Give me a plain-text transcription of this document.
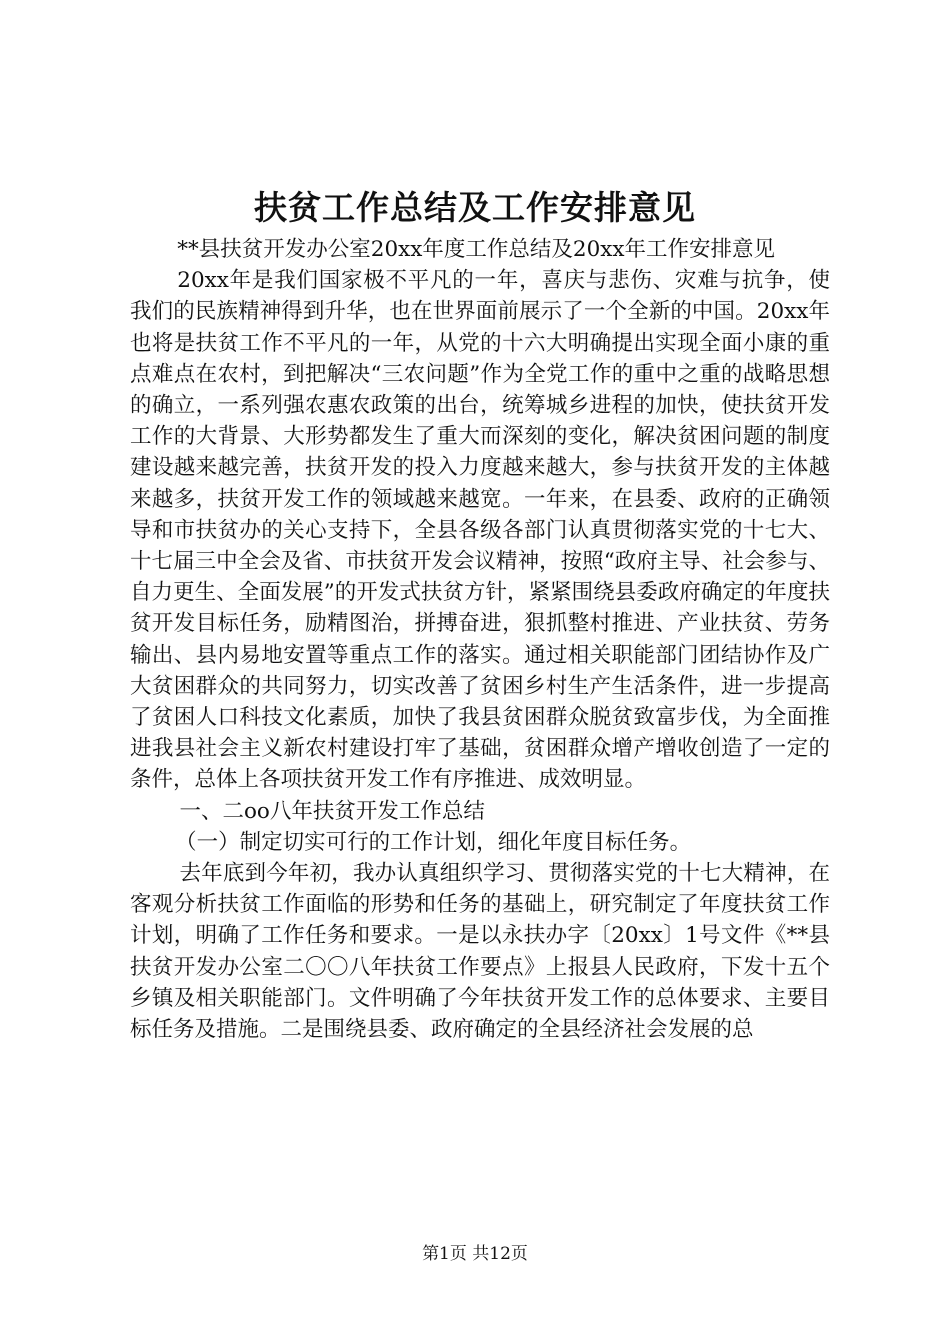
扶贫工作总结及工作安排意见

**县扶贫开发办公室20xx年度工作总结及20xx年工作安排意见

20xx年是我们国家极不平凡的一年，喜庆与悲伤、灾难与抗争，使我们的民族精神得到升华，也在世界面前展示了一个全新的中国。20xx年也将是扶贫工作不平凡的一年，从党的十六大明确提出实现全面小康的重点难点在农村，到把解决“三农问题”作为全党工作的重中之重的战略思想的确立，一系列强农惠农政策的出台，统筹城乡进程的加快，使扶贫开发工作的大背景、大形势都发生了重大而深刻的变化，解决贫困问题的制度建设越来越完善，扶贫开发的投入力度越来越大，参与扶贫开发的主体越来越多，扶贫开发工作的领域越来越宽。一年来，在县委、政府的正确领导和市扶贫办的关心支持下，全县各级各部门认真贯彻落实党的十七大、十七届三中全会及省、市扶贫开发会议精神，按照“政府主导、社会参与、自力更生、全面发展”的开发式扶贫方针，紧紧围绕县委政府确定的年度扶贫开发目标任务，励精图治，拼搏奋进，狠抓整村推进、产业扶贫、劳务输出、县内易地安置等重点工作的落实。通过相关职能部门团结协作及广大贫困群众的共同努力，切实改善了贫困乡村生产生活条件，进一步提高了贫困人口科技文化素质，加快了我县贫困群众脱贫致富步伐，为全面推进我县社会主义新农村建设打牢了基础，贫困群众增产增收创造了一定的条件，总体上各项扶贫开发工作有序推进、成效明显。

一、二oo八年扶贫开发工作总结

（一）制定切实可行的工作计划，细化年度目标任务。

去年底到今年初，我办认真组织学习、贯彻落实党的十七大精神，在客观分析扶贫工作面临的形势和任务的基础上，研究制定了年度扶贫工作计划，明确了工作任务和要求。一是以永扶办字〔20xx〕1号文件《**县扶贫开发办公室二〇〇八年扶贫工作要点》上报县人民政府，下发十五个乡镇及相关职能部门。文件明确了今年扶贫开发工作的总体要求、主要目标任务及措施。二是围绕县委、政府确定的全县经济社会发展的总

第1页 共12页
